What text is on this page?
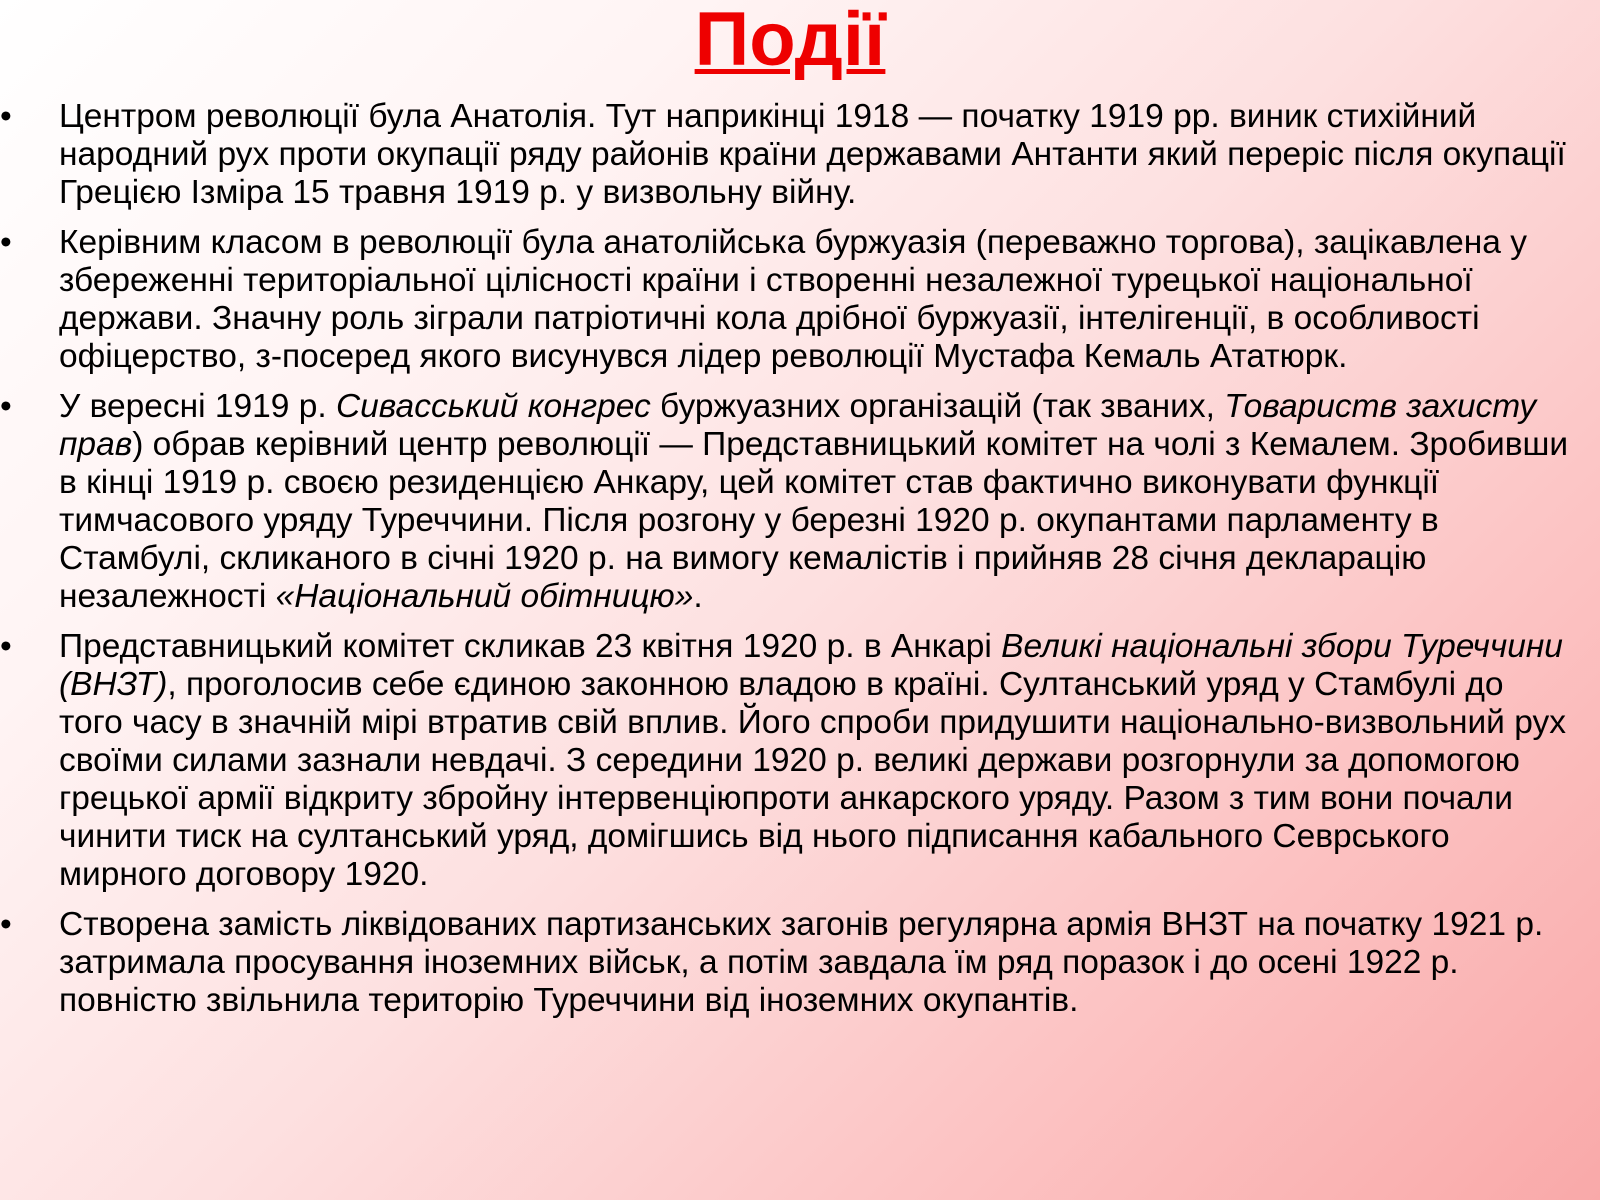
Події
• Центром революції була Анатолія. Тут наприкінці 1918 — початку 1919 рр. виник стихійний народний рух проти окупації ряду районів країни державами Антанти який переріс після окупації Грецією Ізміра 15 травня 1919 р. у визвольну війну.
• Керівним класом в революції була анатолійська буржуазія (переважно торгова), зацікавлена у збереженні територіальної цілісності країни і створенні незалежної турецької національної держави. Значну роль зіграли патріотичні кола дрібної буржуазії, інтелігенції, в особливості офіцерство, з-посеред якого висунувся лідер революції Мустафа Кемаль Ататюрк.
• У вересні 1919 р. Сивасський конгрес буржуазних організацій (так званих, Товариств захисту прав) обрав керівний центр революції — Представницький комітет на чолі з Кемалем. Зробивши в кінці 1919 р. своєю резиденцією Анкару, цей комітет став фактично виконувати функції тимчасового уряду Туреччини. Після розгону у березні 1920 р. окупантами парламенту в Стамбулі, скликаного в січні 1920 р. на вимогу кемалістів і прийняв 28 січня декларацію незалежності «Національний обітницю».
• Представницький комітет скликав 23 квітня 1920 р. в Анкарі Великі національні збори Туреччини (ВНЗТ), проголосив себе єдиною законною владою в країні. Султанський уряд у Стамбулі до того часу в значній мірі втратив свій вплив. Його спроби придушити національно-визвольний рух своїми силами зазнали невдачі. З середини 1920 р. великі держави розгорнули за допомогою грецької армії відкриту збройну інтервенціюпроти анкарского уряду. Разом з тим вони почали чинити тиск на султанський уряд, домігшись від нього підписання кабального Севрського мирного договору 1920.
• Створена замість ліквідованих партизанських загонів регулярна армія ВНЗТ на початку 1921 р. затримала просування іноземних військ, а потім завдала їм ряд поразок і до осені 1922 р. повністю звільнила територію Туреччини від іноземних окупантів.
